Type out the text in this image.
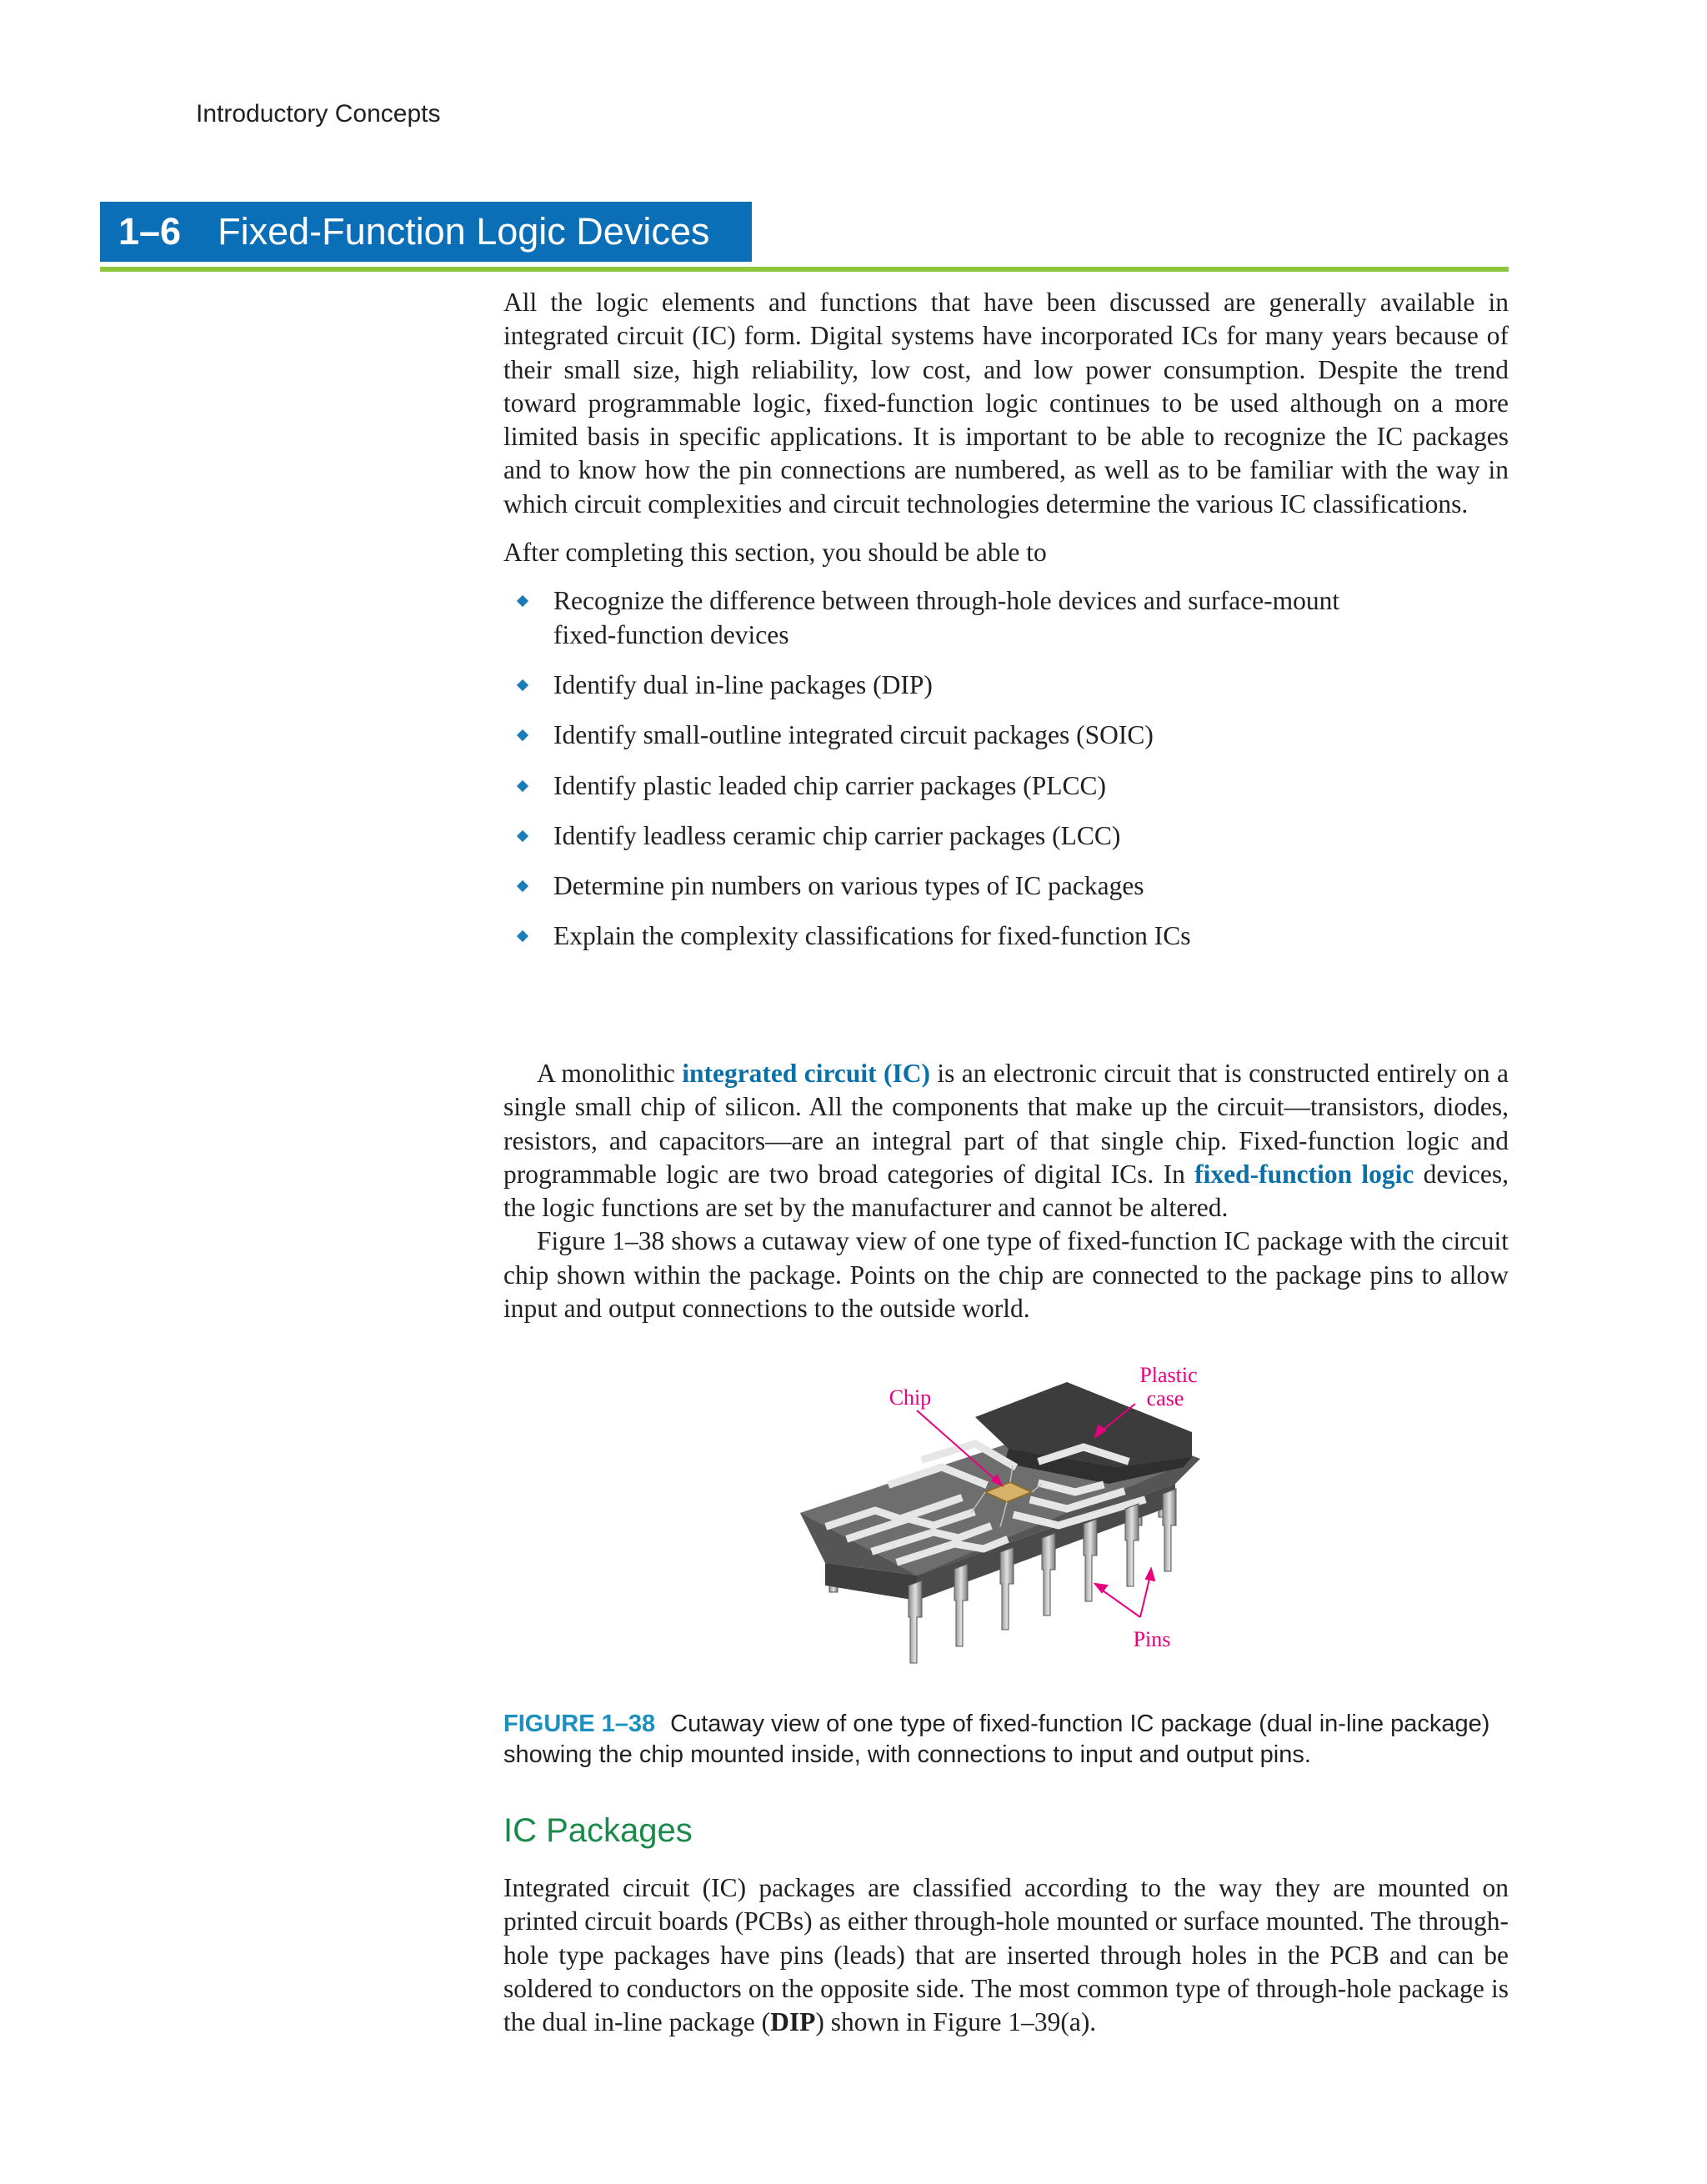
Introductory Concepts
1–6 Fixed-Function Logic Devices

All the logic elements and functions that have been discussed are generally available in integrated circuit (IC) form. Digital systems have incorporated ICs for many years because of their small size, high reliability, low cost, and low power consumption. Despite the trend toward programmable logic, fixed-function logic continues to be used although on a more limited basis in specific applications. It is important to be able to recognize the IC packages and to know how the pin connections are numbered, as well as to be familiar with the way in which circuit complexities and circuit technologies determine the various IC classifications.

After completing this section, you should be able to

Recognize the difference between through-hole devices and surface-mount fixed-function devices
Identify dual in-line packages (DIP)
Identify small-outline integrated circuit packages (SOIC)
Identify plastic leaded chip carrier packages (PLCC)
Identify leadless ceramic chip carrier packages (LCC)
Determine pin numbers on various types of IC packages
Explain the complexity classifications for fixed-function ICs

A monolithic integrated circuit (IC) is an electronic circuit that is constructed entirely on a single small chip of silicon. All the components that make up the circuit—transistors, diodes, resistors, and capacitors—are an integral part of that single chip. Fixed-function logic and programmable logic are two broad categories of digital ICs. In fixed-function logic devices, the logic functions are set by the manufacturer and cannot be altered.

Figure 1–38 shows a cutaway view of one type of fixed-function IC package with the circuit chip shown within the package. Points on the chip are connected to the package pins to allow input and output connections to the outside world.

Chip
Plastic
case
Pins
FIGURE 1–38 Cutaway view of one type of fixed-function IC package (dual in-line package) showing the chip mounted inside, with connections to input and output pins.
IC Packages

Integrated circuit (IC) packages are classified according to the way they are mounted on printed circuit boards (PCBs) as either through-hole mounted or surface mounted. The through-hole type packages have pins (leads) that are inserted through holes in the PCB and can be soldered to conductors on the opposite side. The most common type of through-hole package is the dual in-line package (DIP) shown in Figure 1–39(a).
